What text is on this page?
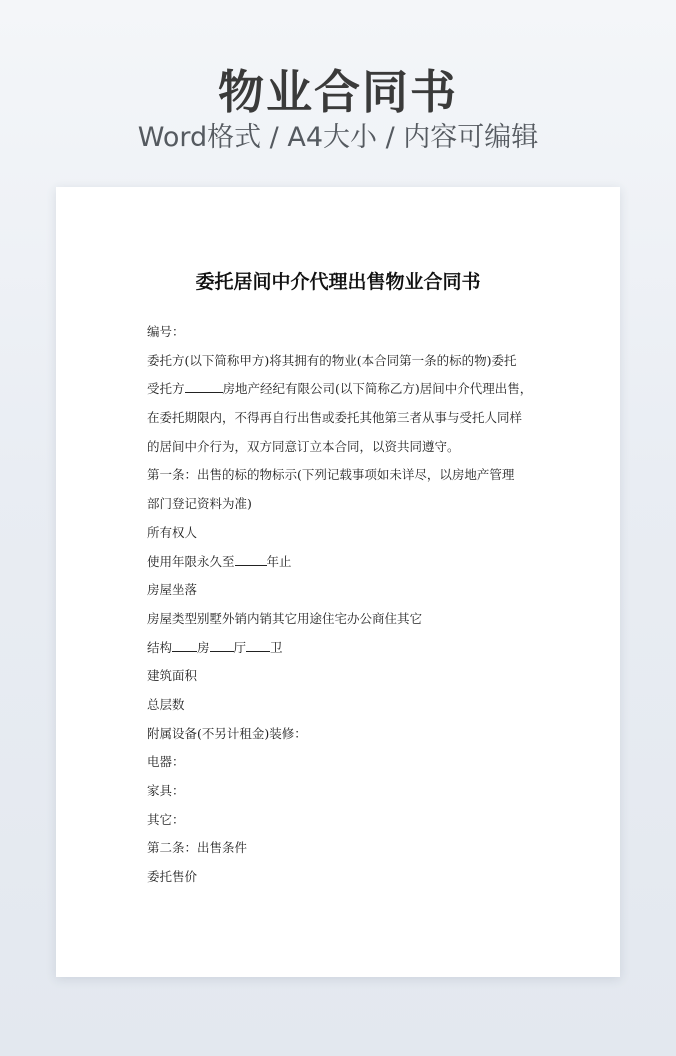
物业合同书
Word格式 / A4大小 / 内容可编辑
委托居间中介代理出售物业合同书
编号：
委托方(以下简称甲方)将其拥有的物业(本合同第一条的标的物)委托
受托方	房地产经纪有限公司(以下简称乙方)居间中介代理出售，
在委托期限内，不得再自行出售或委托其他第三者从事与受托人同样
的居间中介行为，双方同意订立本合同，以资共同遵守。
第一条：出售的标的物标示(下列记载事项如未详尽，以房地产管理
部门登记资料为准)
所有权人
使用年限永久至	年止
房屋坐落
房屋类型别墅外销内销其它用途住宅办公商住其它
结构 房 厅 卫
建筑面积
总层数
附属设备(不另计租金)装修：
电器：
家具：
其它：
第二条：出售条件
委托售价
